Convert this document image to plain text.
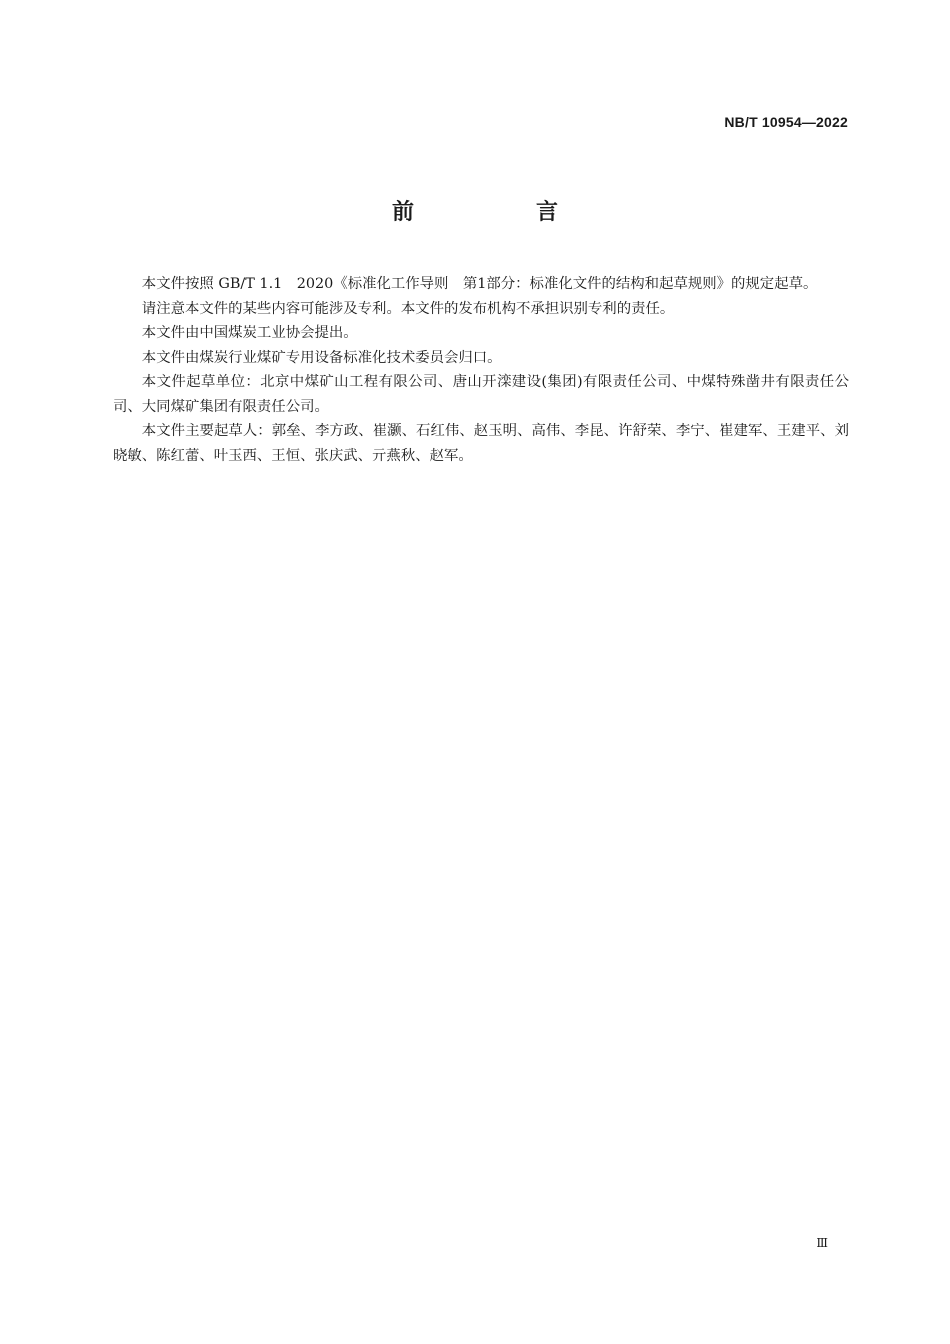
NB/T 10954—2022
前　言

本文件按照 GB/T 1.1　2020《标准化工作导则　第1部分：标准化文件的结构和起草规则》的规定起草。

请注意本文件的某些内容可能涉及专利。本文件的发布机构不承担识别专利的责任。

本文件由中国煤炭工业协会提出。

本文件由煤炭行业煤矿专用设备标准化技术委员会归口。

本文件起草单位：北京中煤矿山工程有限公司、唐山开滦建设(集团)有限责任公司、中煤特殊凿井有限责任公司、大同煤矿集团有限责任公司。

本文件主要起草人：郭垒、李方政、崔灏、石红伟、赵玉明、高伟、李昆、许舒荣、李宁、崔建军、王建平、刘晓敏、陈红蕾、叶玉西、王恒、张庆武、亓燕秋、赵军。

Ⅲ
